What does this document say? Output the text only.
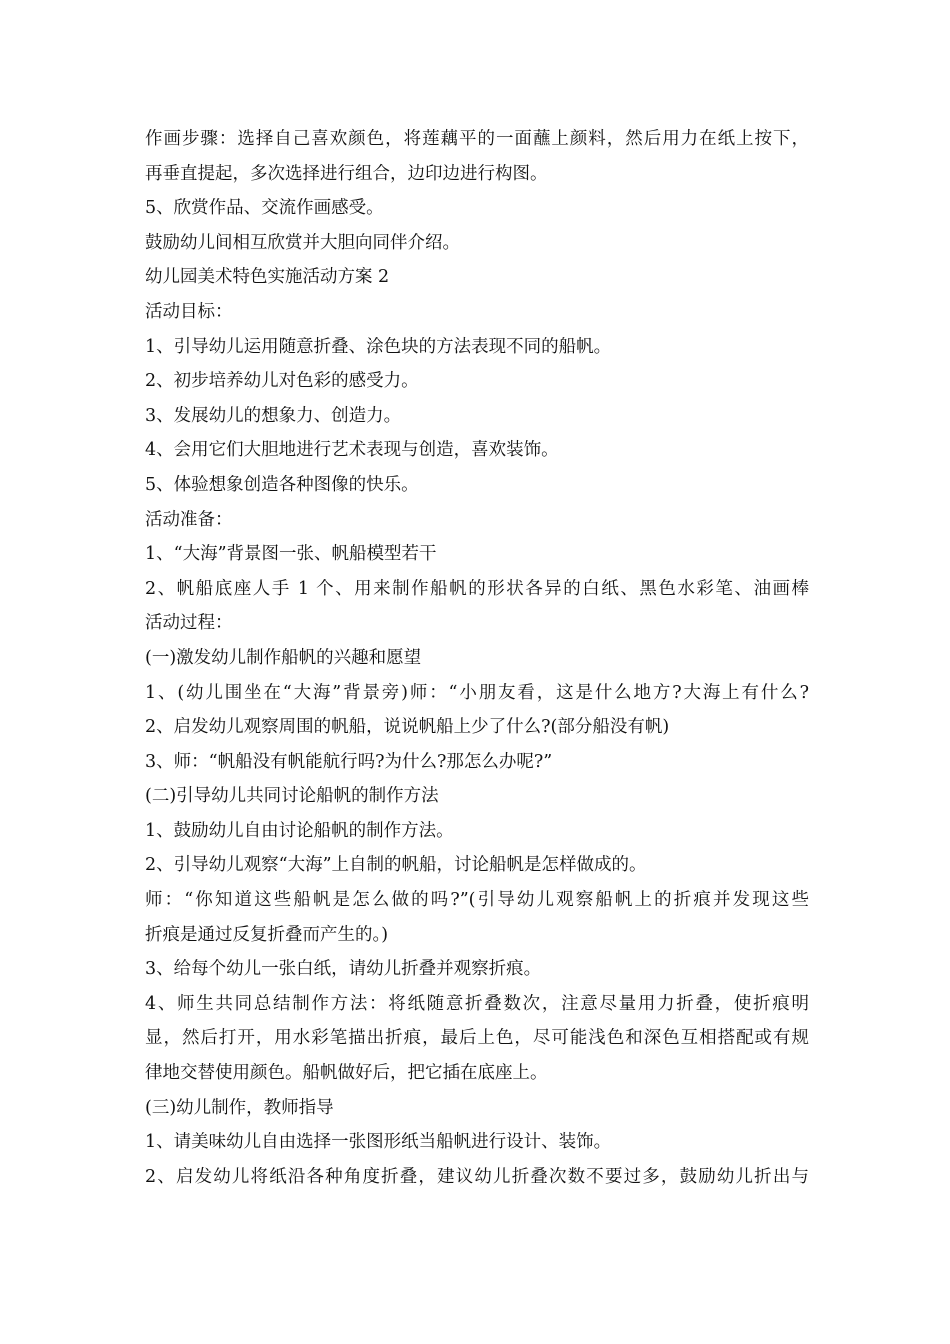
作画步骤：选择自己喜欢颜色，将莲藕平的一面蘸上颜料，然后用力在纸上按下，
再垂直提起，多次选择进行组合，边印边进行构图。
5、欣赏作品、交流作画感受。
鼓励幼儿间相互欣赏并大胆向同伴介绍。
幼儿园美术特色实施活动方案 2
活动目标：
1、引导幼儿运用随意折叠、涂色块的方法表现不同的船帆。
2、初步培养幼儿对色彩的感受力。
3、发展幼儿的想象力、创造力。
4、会用它们大胆地进行艺术表现与创造，喜欢装饰。
5、体验想象创造各种图像的快乐。
活动准备：
1、“大海”背景图一张、帆船模型若干
2、帆船底座人手 1 个、用来制作船帆的形状各异的白纸、黑色水彩笔、油画棒
活动过程：
(一)激发幼儿制作船帆的兴趣和愿望
1、(幼儿围坐在“大海”背景旁)师：“小朋友看，这是什么地方?大海上有什么?
2、启发幼儿观察周围的帆船，说说帆船上少了什么?(部分船没有帆)
3、师：“帆船没有帆能航行吗?为什么?那怎么办呢?”
(二)引导幼儿共同讨论船帆的制作方法
1、鼓励幼儿自由讨论船帆的制作方法。
2、引导幼儿观察“大海”上自制的帆船，讨论船帆是怎样做成的。
师：“你知道这些船帆是怎么做的吗?”(引导幼儿观察船帆上的折痕并发现这些
折痕是通过反复折叠而产生的。)
3、给每个幼儿一张白纸，请幼儿折叠并观察折痕。
4、师生共同总结制作方法：将纸随意折叠数次，注意尽量用力折叠，使折痕明
显，然后打开，用水彩笔描出折痕，最后上色，尽可能浅色和深色互相搭配或有规
律地交替使用颜色。船帆做好后，把它插在底座上。
(三)幼儿制作，教师指导
1、请美味幼儿自由选择一张图形纸当船帆进行设计、装饰。
2、启发幼儿将纸沿各种角度折叠，建议幼儿折叠次数不要过多，鼓励幼儿折出与
